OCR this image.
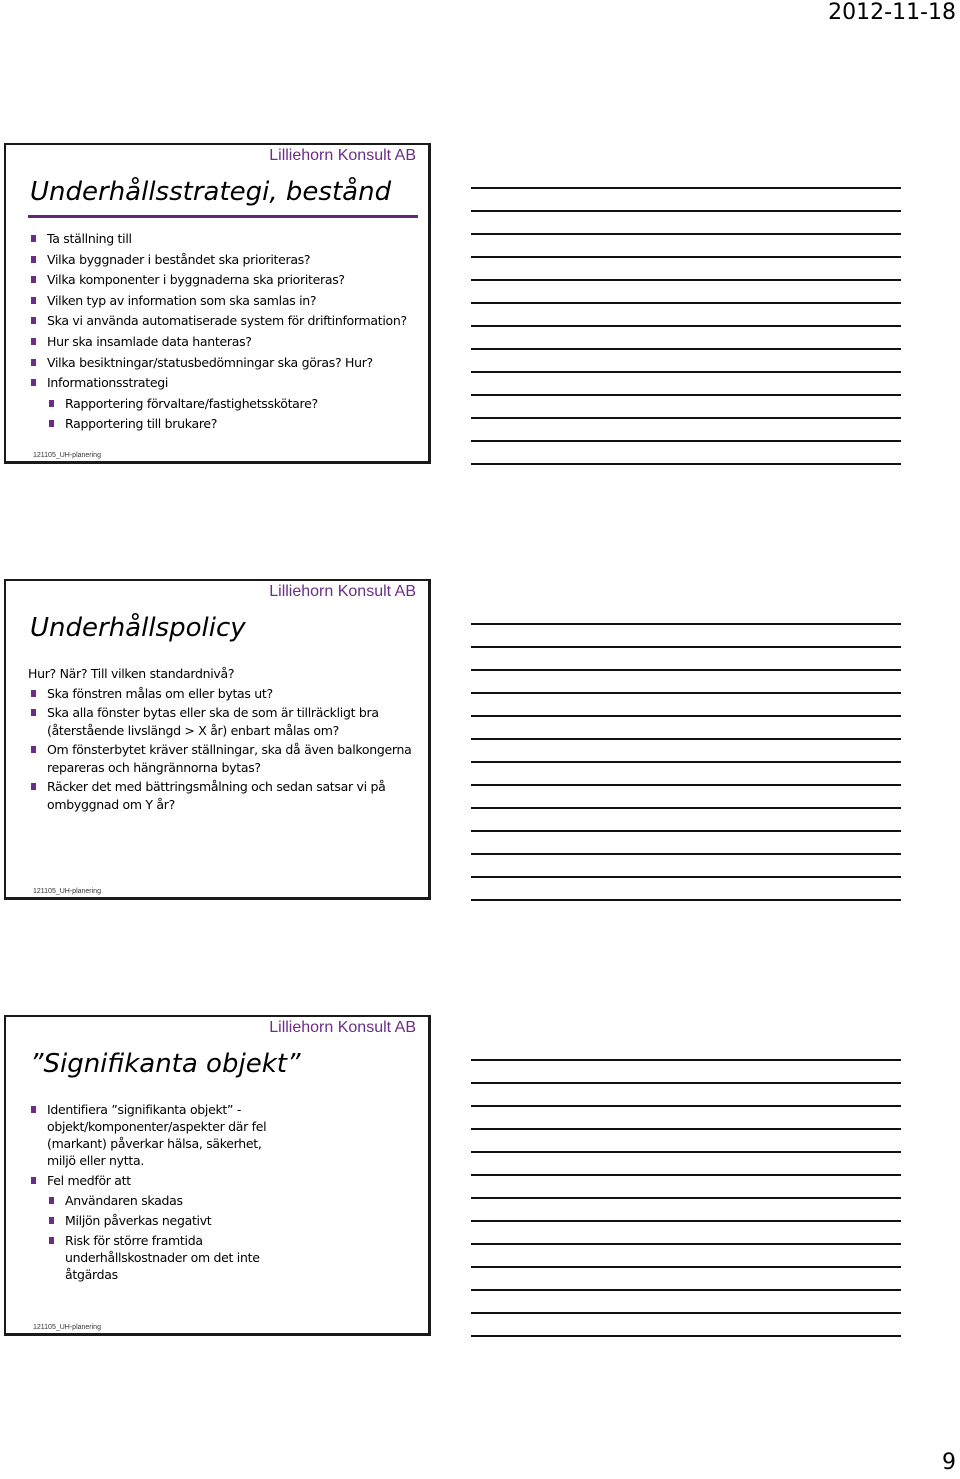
2012-11-18
Lilliehorn Konsult AB
Underhållsstrategi, bestånd
Ta ställning till
Vilka byggnader i beståndet ska prioriteras?
Vilka komponenter i byggnaderna ska prioriteras?
Vilken typ av information som ska samlas in?
Ska vi använda automatiserade system för driftinformation?
Hur ska insamlade data hanteras?
Vilka besiktningar/statusbedömningar ska göras? Hur?
Informationsstrategi
Rapportering förvaltare/fastighetsskötare?
Rapportering till brukare?
121105_UH-planering
Lilliehorn Konsult AB
Underhållspolicy
Hur? När? Till vilken standardnivå?
Ska fönstren målas om eller bytas ut?
Ska alla fönster bytas eller ska de som är tillräckligt bra (återstående livslängd > X år) enbart målas om?
Om fönsterbytet kräver ställningar, ska då även balkongerna repareras och hängrännorna bytas?
Räcker det med bättringsmålning och sedan satsar vi på ombyggnad om Y år?
121105_UH-planering
Lilliehorn Konsult AB
”Signifikanta objekt”
Identifiera ”signifikanta objekt” - objekt/komponenter/aspekter där fel (markant) påverkar hälsa, säkerhet, miljö eller nytta.
Fel medför att
Användaren skadas
Miljön påverkas negativt
Risk för större framtida underhållskostnader om det inte åtgärdas
121105_UH-planering
9
